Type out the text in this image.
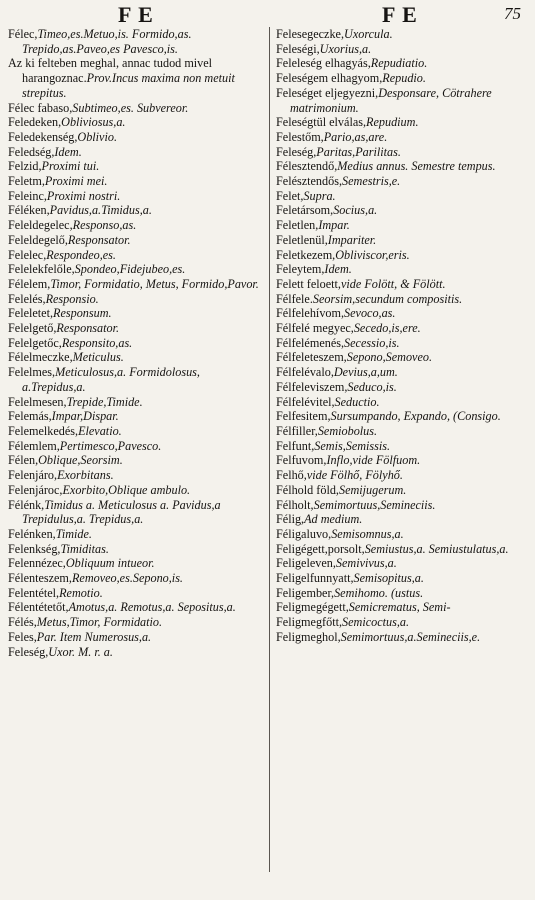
F E	F E	75
Félec,Timeo,es.Metuo,is. Formido,as. Trepido,as.Paveo,es Pavesco,is.
Az ki felteben meghal, annac tudod mivel harangoznac.Prov.Incus maxima non metuit strepitus.
Félec fabaso,Subtimeo,es. Subvereor.
Feledeken,Obliviosus,a.
Feledekenség,Oblivio.
Feledség,Idem.
Felzid,Proximi tui.
Feletm,Proximi mei.
Feleinc,Proximi nostri.
Féléken,Pavidus,a.Timidus,a.
Feleldegelec,Responso,as.
Feleldegelő,Responsator.
Felelec,Respondeo,es.
Felelekfelőle,Spondeo,Fidejubeo,es.
Félelem,Timor, Formidatio, Metus, Formido,Pavor.
Felelés,Responsio.
Feleletet,Responsum.
Felelgető,Responsator.
Felelgetőc,Responsito,as.
Félelmeczke,Meticulus.
Felelmes,Meticulosus,a. Formidolosus, a.Trepidus,a.
Felelmesen,Trepide,Timide.
Felemás,Impar,Dispar.
Felemelkedés,Elevatio.
Félemlem,Pertimesco,Pavesco.
Félen,Oblique,Seorsim.
Felenjáro,Exorbitans.
Felenjároc,Exorbito,Oblique ambulo.
Félénk,Timidus a. Meticulosus a. Pavidus,a Trepidulus,a. Trepidus,a.
Felénken,Timide.
Felenkség,Timiditas.
Felennézec,Obliquum intueor.
Félenteszem,Removeo,es.Sepono,is.
Felentétel,Remotio.
Félentétetőt,Amotus,a. Remotus,a. Sepositus,a.
Félés,Metus,Timor, Formidatio.
Feles,Par. Item Numerosus,a.
Feleség,Uxor. M. r. a.
Felesegeczke,Uxorcula.
Feleségi,Uxorius,a.
Feleleség elhagyás,Repudiatio.
Feleségem elhagyom,Repudio.
Feleséget eljegyezni,Desponsare, Cötrahere matrimonium.
Feleségtül elválas,Repudium.
Felestőm,Pario,as,are.
Feleség,Paritas,Parilitas.
Félesztendő,Medius annus. Semestre tempus.
Felésztendős,Semestris,e.
Felet,Supra.
Feletársom,Socius,a.
Feletlen,Impar.
Feletlenül,Impariter.
Feletkezem,Obliviscor,eris.
Feleytem,Idem.
Felett feloett,vide Folött, & Fölött.
Félfele.Seorsim,secundum compositis.
Félfelehívom,Sevoco,as.
Félfelé megyec,Secedo,is,ere.
Félfelémenés,Secessio,is.
Félfeleteszem,Sepono,Semoveo.
Félfelévalo,Devius,a,um.
Félfeleviszem,Seduco,is.
Félfelévitel,Seductio.
Felfesitem,Sursumpando, Expando, (Consigo.
Félfiller,Semiobolus.
Felfunt,Semis,Semissis.
Felfuvom,Inflo,vide Fölfuom.
Felhő,vide Fölhő, Fölyhő.
Félhold föld,Semijugerum.
Félholt,Semimortuus,Semineciis.
Félig,Ad medium.
Féligaluvo,Semisomnus,a.
Feligégett,porsolt,Semiustus,a. Semiustulatus,a.
Feligeleven,Semivivus,a.
Feligelfunnyatt,Semisopitus,a.
Feligember,Semihomo. (ustus.
Feligmegégett,Semicrematus, Semi-
Feligmegfőtt,Semicoctus,a.
Feligmeghol,Semimortuus,a.Semineciis,e.
